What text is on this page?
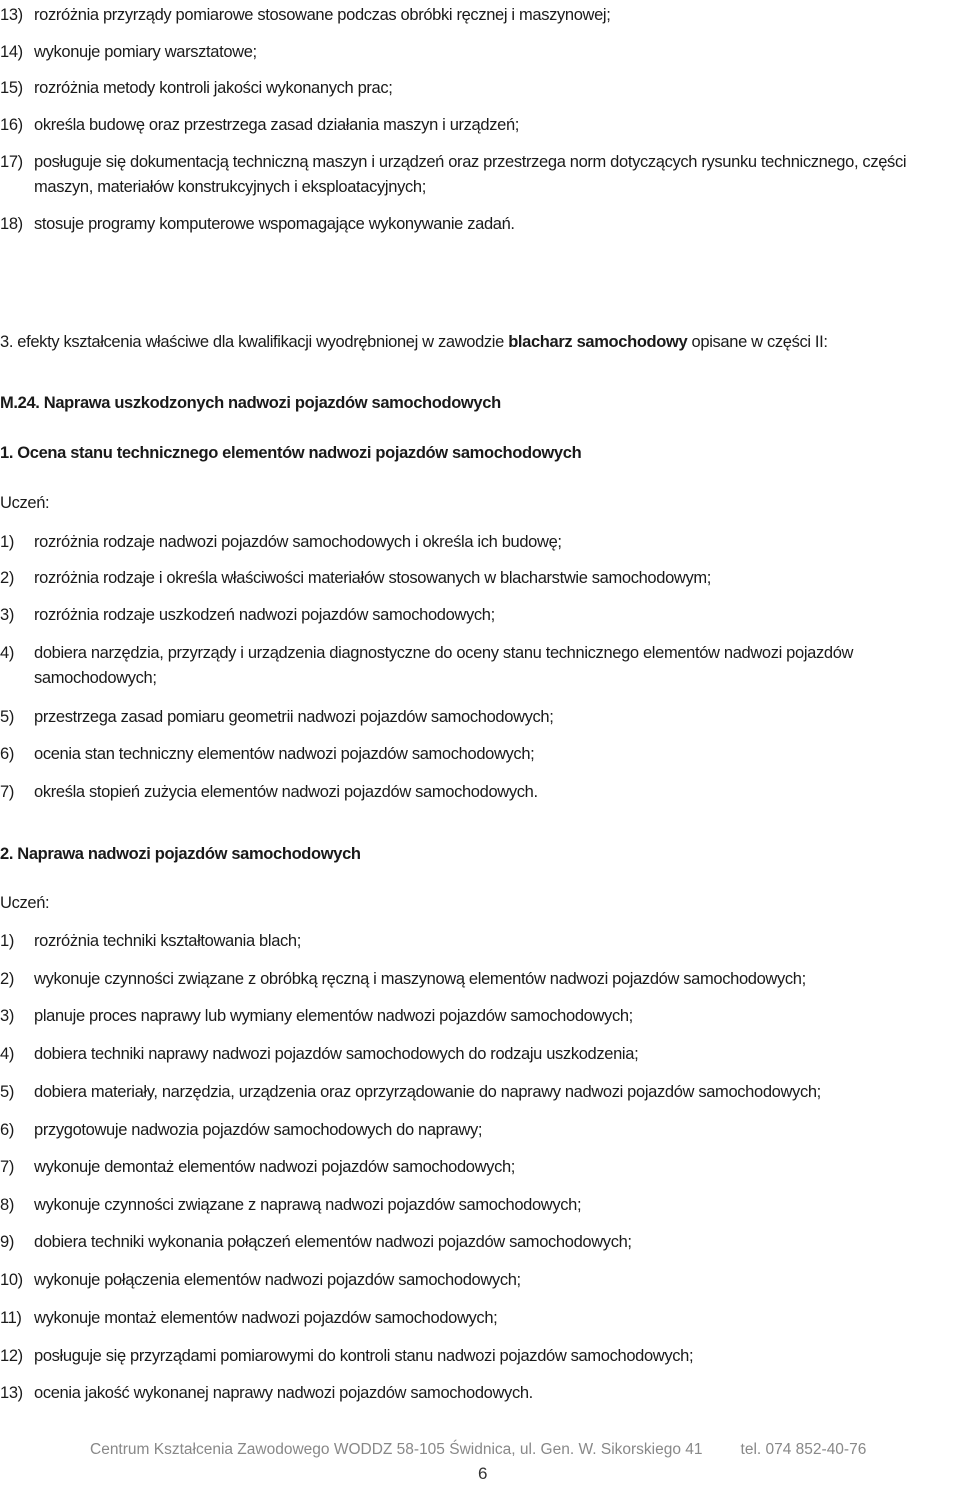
13) rozróżnia przyrządy pomiarowe stosowane podczas obróbki ręcznej i maszynowej;
14) wykonuje pomiary warsztatowe;
15) rozróżnia metody kontroli jakości wykonanych prac;
16) określa budowę oraz przestrzega zasad działania maszyn i urządzeń;
17) posługuje się dokumentacją techniczną maszyn i urządzeń oraz przestrzega norm dotyczących rysunku technicznego, części maszyn, materiałów konstrukcyjnych i eksploatacyjnych;
18) stosuje programy komputerowe wspomagające wykonywanie zadań.
3. efekty kształcenia właściwe dla kwalifikacji wyodrębnionej w zawodzie blacharz samochodowy opisane w części II:
M.24. Naprawa uszkodzonych nadwozi pojazdów samochodowych
1. Ocena stanu technicznego elementów nadwozi pojazdów samochodowych
Uczeń:
1)	rozróżnia rodzaje nadwozi pojazdów samochodowych i określa ich budowę;
2)	rozróżnia rodzaje i określa właściwości materiałów stosowanych w blacharstwie samochodowym;
3)	rozróżnia rodzaje uszkodzeń nadwozi pojazdów samochodowych;
4)	dobiera narzędzia, przyrządy i urządzenia diagnostyczne do oceny stanu technicznego elementów nadwozi pojazdów samochodowych;
5)	przestrzega zasad pomiaru geometrii nadwozi pojazdów samochodowych;
6)	ocenia stan techniczny elementów nadwozi pojazdów samochodowych;
7)	określa stopień zużycia elementów nadwozi pojazdów samochodowych.
2. Naprawa nadwozi pojazdów samochodowych
Uczeń:
1)	rozróżnia techniki kształtowania blach;
2)	wykonuje czynności związane z obróbką ręczną i maszynową elementów nadwozi pojazdów samochodowych;
3)	planuje proces naprawy lub wymiany elementów nadwozi pojazdów samochodowych;
4)	dobiera techniki naprawy nadwozi pojazdów samochodowych do rodzaju uszkodzenia;
5)	dobiera materiały, narzędzia, urządzenia oraz oprzyrządowanie do naprawy nadwozi pojazdów samochodowych;
6)	przygotowuje nadwozia pojazdów samochodowych do naprawy;
7)	wykonuje demontaż elementów nadwozi pojazdów samochodowych;
8)	wykonuje czynności związane z naprawą nadwozi pojazdów samochodowych;
9)	dobiera techniki wykonania połączeń elementów nadwozi pojazdów samochodowych;
10) wykonuje połączenia elementów nadwozi pojazdów samochodowych;
11) wykonuje montaż elementów nadwozi pojazdów samochodowych;
12) posługuje się przyrządami pomiarowymi do kontroli stanu nadwozi pojazdów samochodowych;
13) ocenia jakość wykonanej naprawy nadwozi pojazdów samochodowych.
Centrum Kształcenia Zawodowego WODDZ 58-105 Świdnica, ul. Gen. W. Sikorskiego 41 tel. 074 852-40-76
6
